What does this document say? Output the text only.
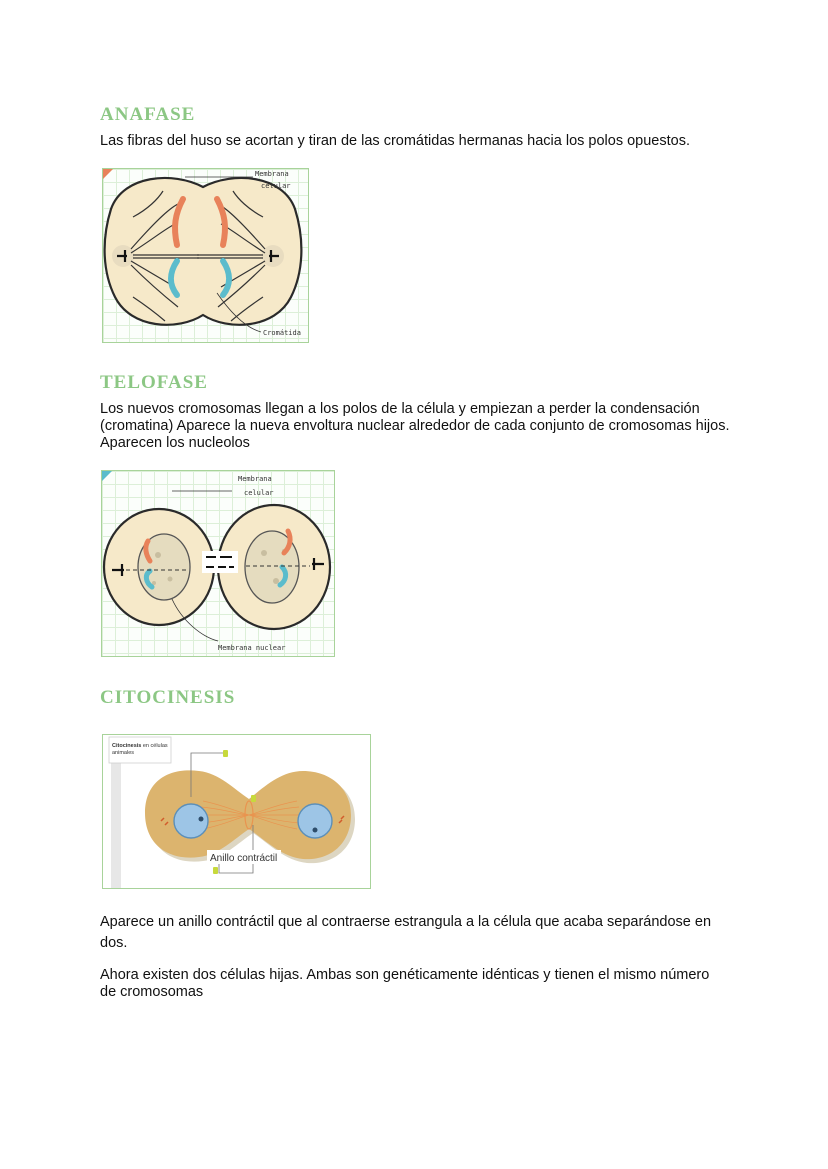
ANAFASE

Las fibras del huso se acortan y tiran de las cromátidas hermanas hacia los polos opuestos.

Membrana
celular
Cromátida
TELOFASE

Los nuevos cromosomas llegan a los polos de la célula y empiezan a perder la condensación (cromatina) Aparece la nueva envoltura nuclear alrededor de cada conjunto de cromosomas hijos. Aparecen los nucleolos

Membrana
celular
Membrana nuclear
CITOCINESIS
Citocinesis en células
animales
Anillo contráctil

Aparece un anillo contráctil que al contraerse estrangula a la célula que acaba separándose en dos.

Ahora existen dos células hijas. Ambas son genéticamente idénticas y tienen el mismo número de cromosomas
